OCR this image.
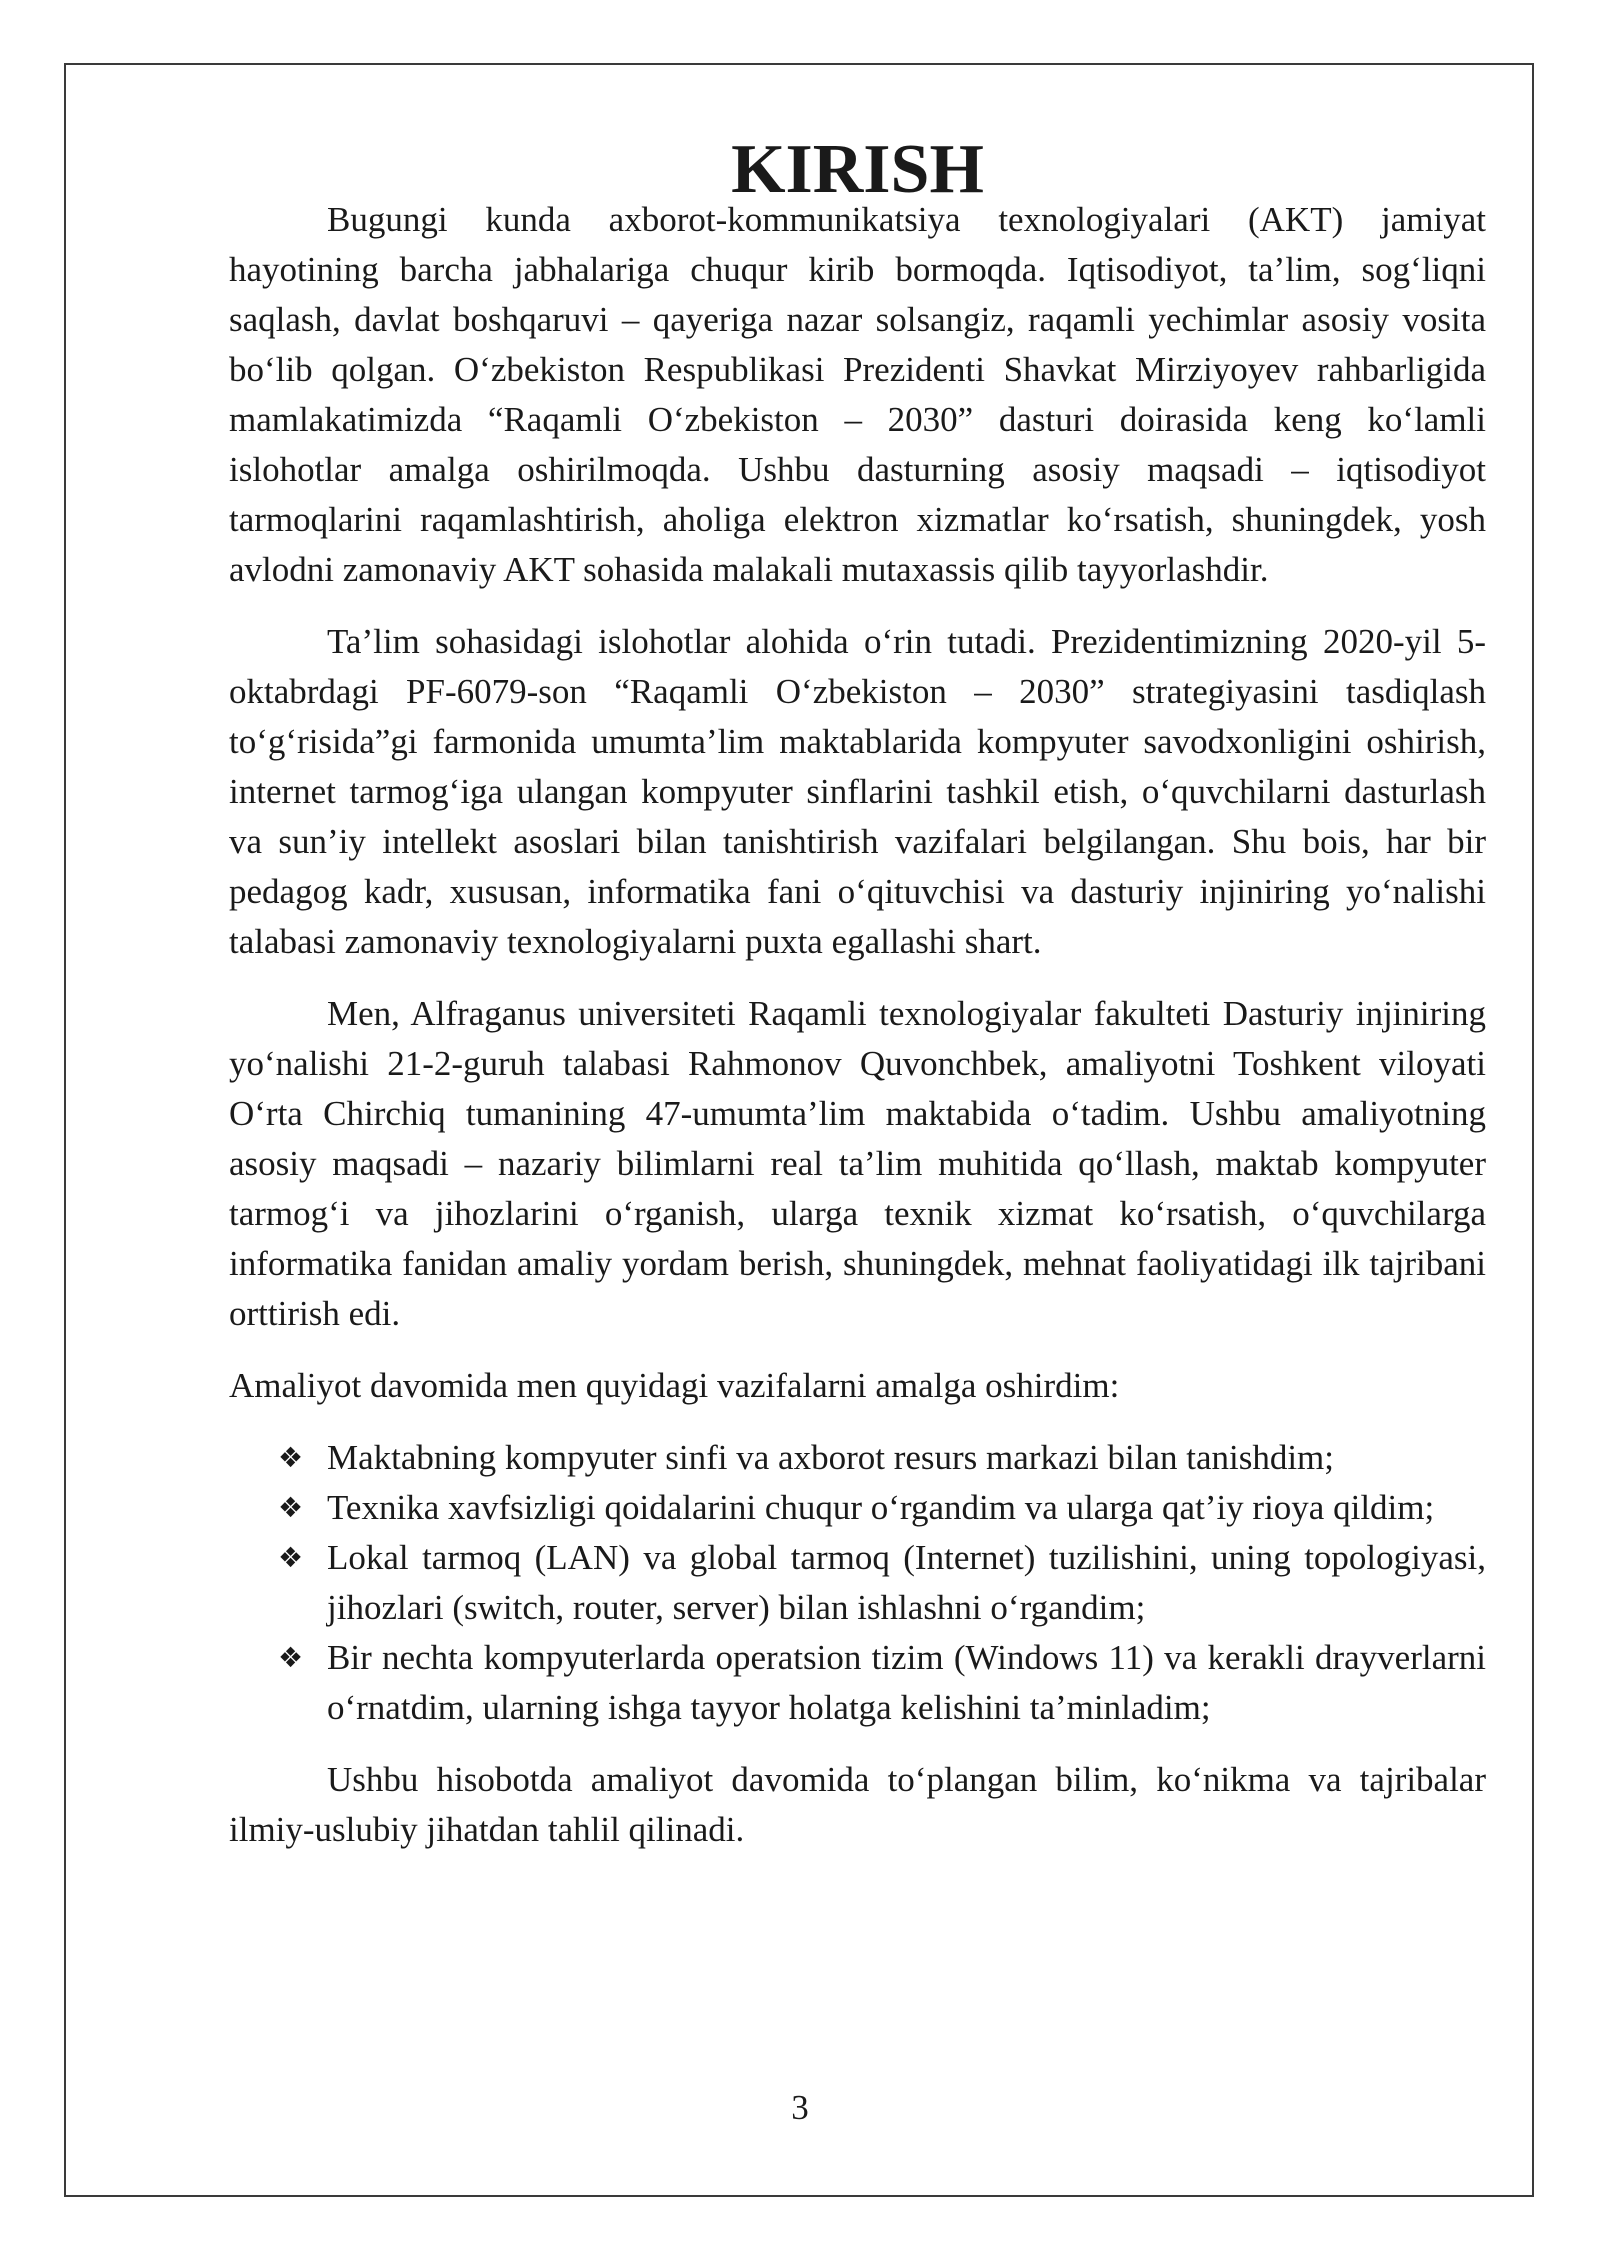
KIRISH

Bugungi kunda axborot-kommunikatsiya texnologiyalari (AKT) jamiyat hayotining barcha jabhalariga chuqur kirib bormoqda. Iqtisodiyot, ta’lim, sog‘liqni saqlash, davlat boshqaruvi – qayeriga nazar solsangiz, raqamli yechimlar asosiy vosita bo‘lib qolgan. O‘zbekiston Respublikasi Prezidenti Shavkat Mirziyoyev rahbarligida mamlakatimizda “Raqamli O‘zbekiston – 2030” dasturi doirasida keng ko‘lamli islohotlar amalga oshirilmoqda. Ushbu dasturning asosiy maqsadi – iqtisodiyot tarmoqlarini raqamlashtirish, aholiga elektron xizmatlar ko‘rsatish, shuningdek, yosh avlodni zamonaviy AKT sohasida malakali mutaxassis qilib tayyorlashdir.

Ta’lim sohasidagi islohotlar alohida o‘rin tutadi. Prezidentimizning 2020-yil 5-oktabrdagi PF-6079-son “Raqamli O‘zbekiston – 2030” strategiyasini tasdiqlash to‘g‘risida”gi farmonida umumta’lim maktablarida kompyuter savodxonligini oshirish, internet tarmog‘iga ulangan kompyuter sinflarini tashkil etish, o‘quvchilarni dasturlash va sun’iy intellekt asoslari bilan tanishtirish vazifalari belgilangan. Shu bois, har bir pedagog kadr, xususan, informatika fani o‘qituvchisi va dasturiy injiniring yo‘nalishi talabasi zamonaviy texnologiyalarni puxta egallashi shart.

Men, Alfraganus universiteti Raqamli texnologiyalar fakulteti Dasturiy injiniring yo‘nalishi 21-2-guruh talabasi Rahmonov Quvonchbek, amaliyotni Toshkent viloyati O‘rta Chirchiq tumanining 47-umumta’lim maktabida o‘tadim. Ushbu amaliyotning asosiy maqsadi – nazariy bilimlarni real ta’lim muhitida qo‘llash, maktab kompyuter tarmog‘i va jihozlarini o‘rganish, ularga texnik xizmat ko‘rsatish, o‘quvchilarga informatika fanidan amaliy yordam berish, shuningdek, mehnat faoliyatidagi ilk tajribani orttirish edi.

Amaliyot davomida men quyidagi vazifalarni amalga oshirdim:

❖ Maktabning kompyuter sinfi va axborot resurs markazi bilan tanishdim;
❖ Texnika xavfsizligi qoidalarini chuqur o‘rgandim va ularga qat’iy rioya qildim;
❖ Lokal tarmoq (LAN) va global tarmoq (Internet) tuzilishini, uning topologiyasi, jihozlari (switch, router, server) bilan ishlashni o‘rgandim;
❖ Bir nechta kompyuterlarda operatsion tizim (Windows 11) va kerakli drayverlarni o‘rnatdim, ularning ishga tayyor holatga kelishini ta’minladim;

Ushbu hisobotda amaliyot davomida to‘plangan bilim, ko‘nikma va tajribalar ilmiy-uslubiy jihatdan tahlil qilinadi.

3
